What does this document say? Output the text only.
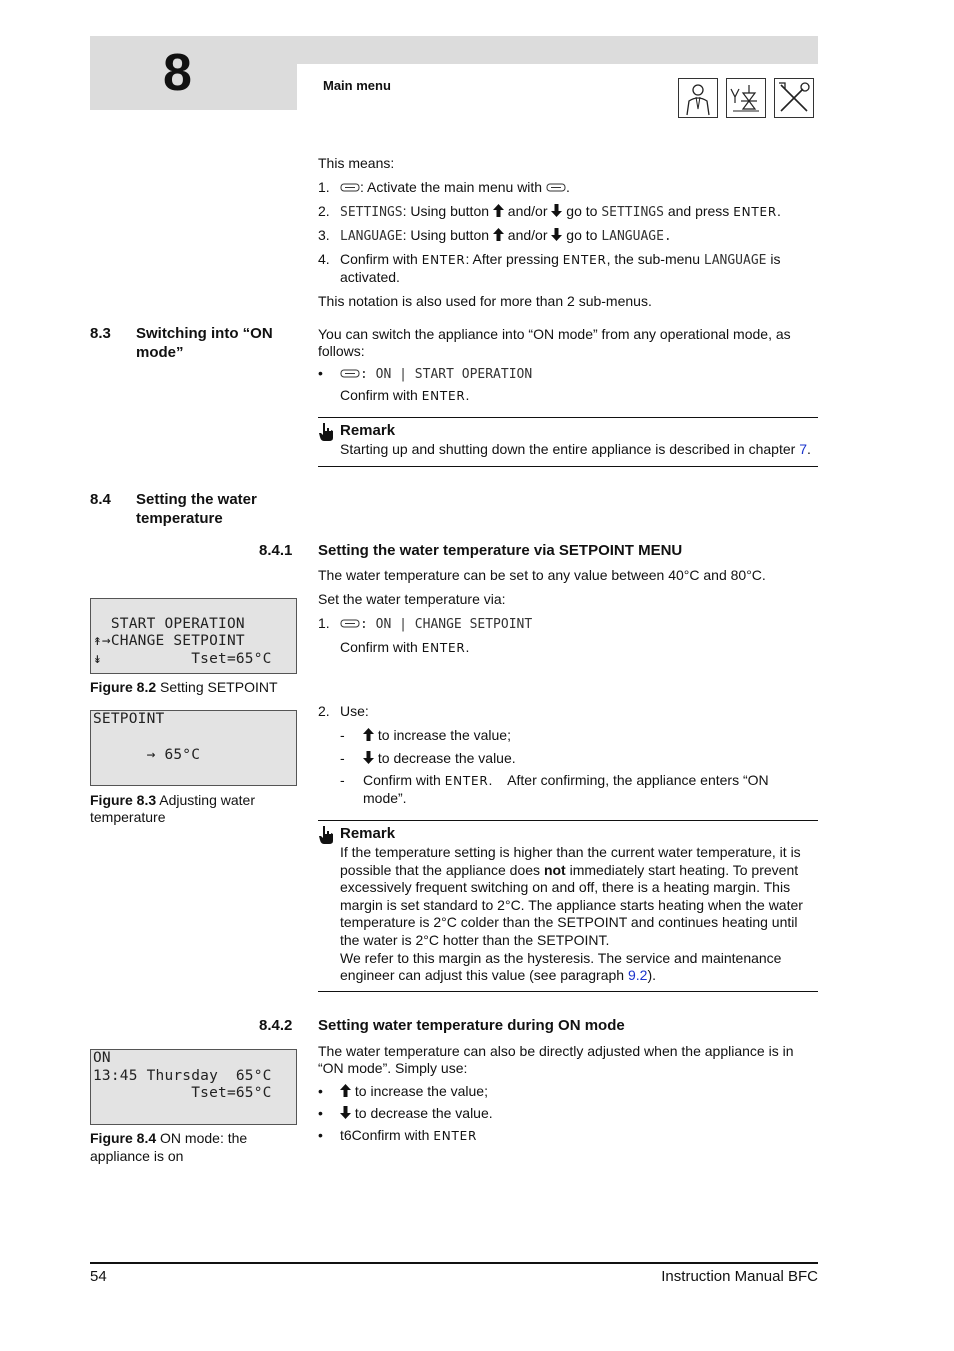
8	Main menu
This means:
1.	: Activate the main menu with .
2. SETTINGS: Using button  and/or  go to SETTINGS and press ENTER.
3. LANGUAGE: Using button  and/or  go to LANGUAGE.
4. Confirm with ENTER: After pressing ENTER, the sub-menu LANGUAGE is
activated.
This notation is also used for more than 2 sub-menus.
8.3 Switching into “ON
mode”
You can switch the appliance into “ON mode” from any operational mode, as
follows:
•	: ON | START OPERATION
Confirm with ENTER.
Remark
Starting up and shutting down the entire appliance is described in chapter 7.
8.4 Setting the water
temperature
8.4.1 Setting the water temperature via SETPOINT MENU
The water temperature can be set to any value between 40°C and 80°C.
Set the water temperature via:
1.	: ON | CHANGE SETPOINT
Confirm with ENTER.
2. Use:
-	to increase the value;
-	to decrease the value.
- Confirm with ENTER.    After confirming, the appliance enters “ON
mode”.
Remark
If the temperature setting is higher than the current water temperature, it is
possible that the appliance does not immediately start heating. To prevent
excessively frequent switching on and off, there is a heating margin. This
margin is set standard to 2°C. The appliance starts heating when the water
temperature is 2°C colder than the SETPOINT and continues heating until
the water is 2°C hotter than the SETPOINT.
We refer to this margin as the hysteresis. The service and maintenance
engineer can adjust this value (see paragraph 9.2).
8.4.2 Setting water temperature during ON mode
The water temperature can also be directly adjusted when the appliance is in
“ON mode”. Simply use:
•	to increase the value;
•	to decrease the value.
• t6Confirm with ENTER
START OPERATION
↟→CHANGE SETPOINT
↡          Tset=65°C
Figure 8.2 Setting SETPOINT
SETPOINT
→ 65°C
Figure 8.3 Adjusting water
temperature
ON
13:45 Thursday  65°C
Tset=65°C
Figure 8.4 ON mode: the
appliance is on
54	Instruction Manual BFC
